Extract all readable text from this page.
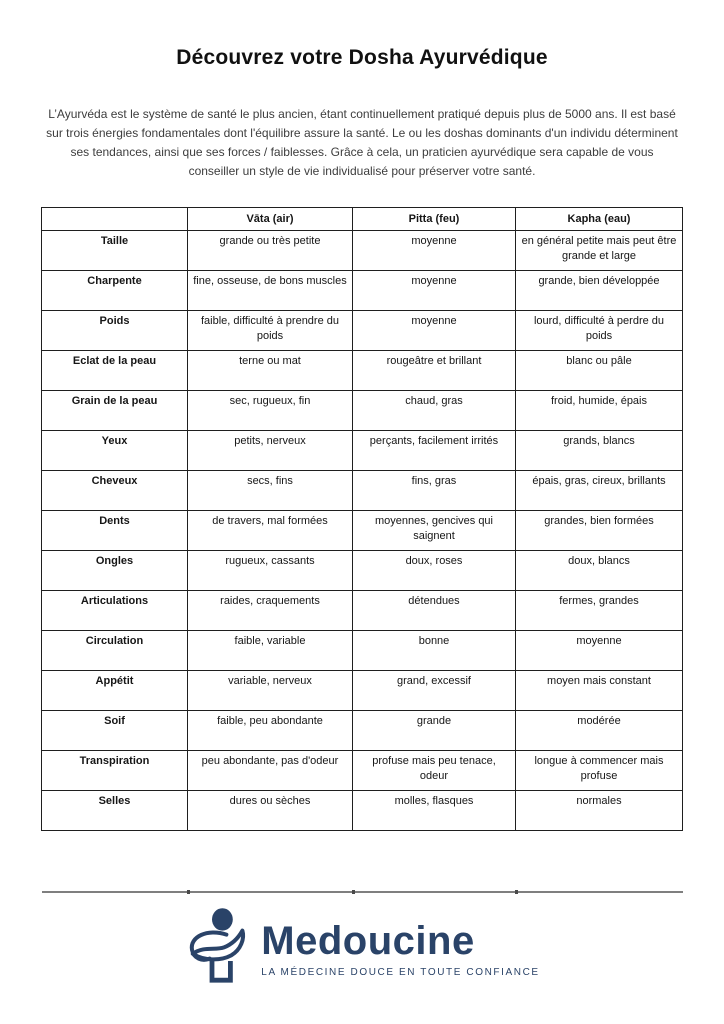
Découvrez votre Dosha Ayurvédique

L’Ayurvéda est le système de santé le plus ancien, étant continuellement pratiqué depuis plus de 5000 ans. Il est basé sur trois énergies fondamentales dont l'équilibre assure la santé. Le ou les doshas dominants d'un individu déterminent ses tendances, ainsi que ses forces / faiblesses. Grâce à cela, un praticien ayurvédique sera capable de vous conseiller un style de vie individualisé pour préserver votre santé.

	Vāta (air)	Pitta (feu)	Kapha (eau)
Taille	grande ou très petite	moyenne	en général petite mais peut être grande et large
Charpente	fine, osseuse, de bons muscles	moyenne	grande, bien développée
Poids	faible, difficulté à prendre du poids	moyenne	lourd, difficulté à perdre du poids
Eclat de la peau	terne ou mat	rougeâtre et brillant	blanc ou pâle
Grain de la peau	sec, rugueux, fin	chaud, gras	froid, humide, épais
Yeux	petits, nerveux	perçants, facilement irrités	grands, blancs
Cheveux	secs, fins	fins, gras	épais, gras, cireux, brillants
Dents	de travers, mal formées	moyennes, gencives qui saignent	grandes, bien formées
Ongles	rugueux, cassants	doux, roses	doux, blancs
Articulations	raides, craquements	détendues	fermes, grandes
Circulation	faible, variable	bonne	moyenne
Appétit	variable, nerveux	grand, excessif	moyen mais constant
Soif	faible, peu abondante	grande	modérée
Transpiration	peu abondante, pas d'odeur	profuse mais peu tenace, odeur	longue à commencer mais profuse
Selles	dures ou sèches	molles, flasques	normales
Medoucine
LA MÉDECINE DOUCE EN TOUTE CONFIANCE
